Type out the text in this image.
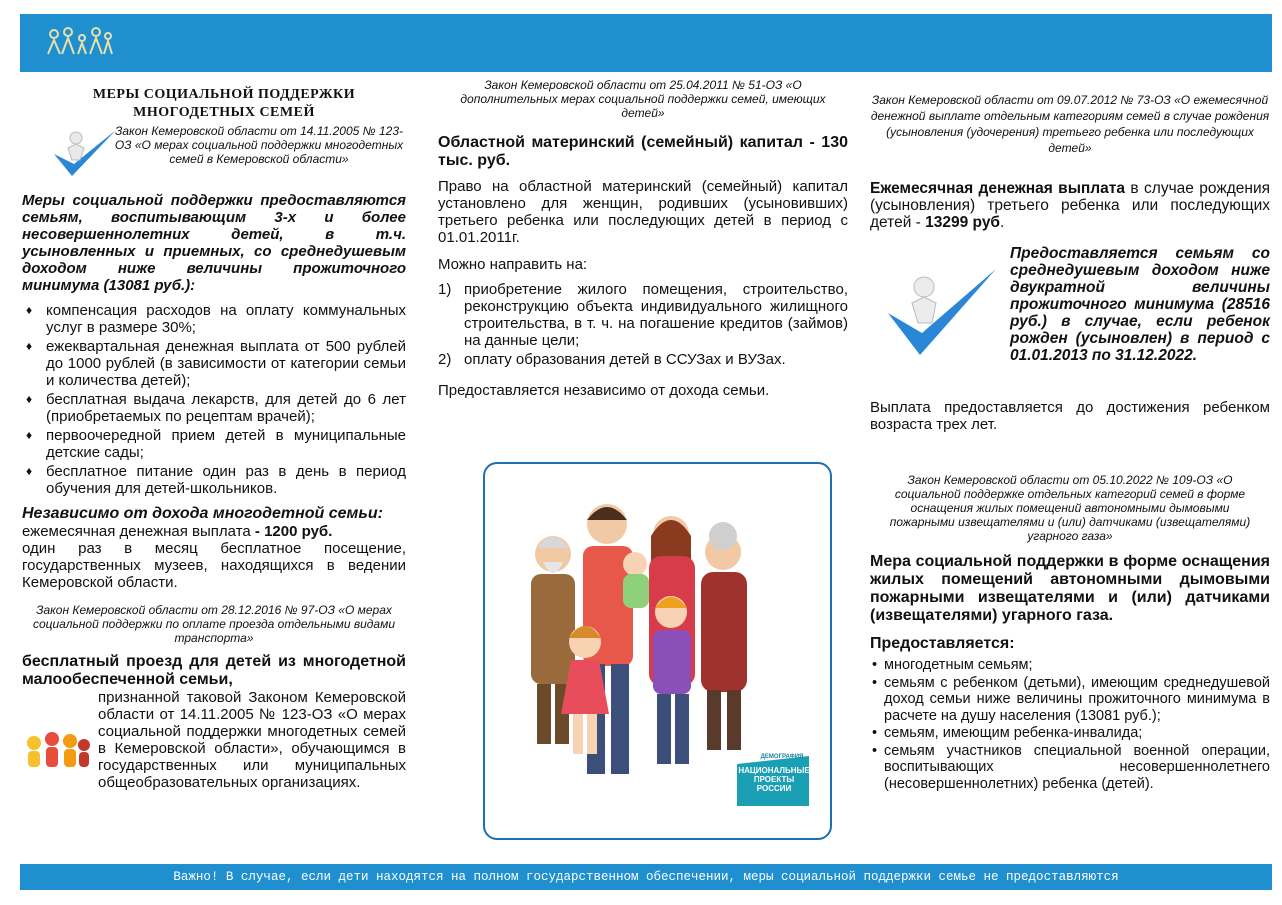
МЕРЫ СОЦИАЛЬНОЙ ПОДДЕРЖКИ
МНОГОДЕТНЫХ СЕМЕЙ
Закон Кемеровской области от 14.11.2005 № 123-ОЗ «О мерах социальной поддержки многодетных семей в Кемеровской области»
Меры социальной поддержки предоставляются семьям, воспитывающим 3-х и более несовершеннолетних детей, в т.ч. усыновленных и приемных, со среднедушевым доходом ниже величины прожиточного минимума (13081 руб.):
♦ компенсация расходов на оплату коммунальных услуг в размере 30%;
♦ ежеквартальная денежная выплата от 500 рублей до 1000 рублей (в зависимости от категории семьи и количества детей);
♦ бесплатная выдача лекарств, для детей до 6 лет (приобретаемых по рецептам врачей);
♦ первоочередной прием детей в муниципальные детские сады;
♦ бесплатное питание один раз в день в период обучения для детей-школьников.
Независимо от дохода многодетной семьи:
ежемесячная денежная выплата - 1200 руб.
один раз в месяц бесплатное посещение, государственных музеев, находящихся в ведении Кемеровской области.
Закон Кемеровской области от 28.12.2016 № 97-ОЗ «О мерах социальной поддержки по оплате проезда отдельными видами транспорта»
бесплатный проезд для детей из многодетной малообеспеченной семьи,
признанной таковой Законом Кемеровской области от 14.11.2005 № 123-ОЗ «О мерах социальной поддержки многодетных семей в Кемеровской области», обучающимся в государственных или муниципальных общеобразовательных организациях.
Закон Кемеровской области от 25.04.2011 № 51-ОЗ «О дополнительных мерах социальной поддержки семей, имеющих детей»
Областной материнский (семейный) капитал - 130 тыс. руб.
Право на областной материнский (семейный) капитал установлено для женщин, родивших (усыновивших) третьего ребенка или последующих детей в период с 01.01.2011г.
Можно направить на:
1) приобретение жилого помещения, строительство, реконструкцию объекта индивидуального жилищного строительства, в т. ч. на погашение кредитов (займов) на данные цели;
2) оплату образования детей в ССУЗах и ВУЗах.
Предоставляется независимо от дохода семьи.
ДЕМОГРАФИЯ
НАЦИОНАЛЬНЫЕ
ПРОЕКТЫ
РОССИИ
Закон Кемеровской области от 09.07.2012 № 73-ОЗ «О ежемесячной денежной выплате отдельным категориям семей в случае рождения (усыновления (удочерения) третьего ребенка или последующих детей»
Ежемесячная денежная выплата в случае рождения (усыновления) третьего ребенка или последующих детей - 13299 руб.
Предоставляется семьям со среднедушевым доходом ниже двукратной величины прожиточного минимума (28516 руб.) в случае, если ребенок рожден (усыновлен) в период с 01.01.2013 по 31.12.2022.
Выплата предоставляется до достижения ребенком возраста трех лет.
Закон Кемеровской области от 05.10.2022 № 109-ОЗ «О социальной поддержке отдельных категорий семей в форме оснащения жилых помещений автономными дымовыми пожарными извещателями и (или) датчиками (извещателями) угарного газа»
Мера социальной поддержки в форме оснащения жилых помещений автономными дымовыми пожарными извещателями и (или) датчиками (извещателями) угарного газа.
Предоставляется:
• многодетным семьям;
• семьям с ребенком (детьми), имеющим среднедушевой доход семьи ниже величины прожиточного минимума в расчете на душу населения (13081 руб.);
• семьям, имеющим ребенка-инвалида;
• семьям участников специальной военной операции, воспитывающих несовершеннолетнего (несовершеннолетних) ребенка (детей).
Важно! В случае, если дети находятся на полном государственном обеспечении, меры социальной поддержки семье не предоставляются
